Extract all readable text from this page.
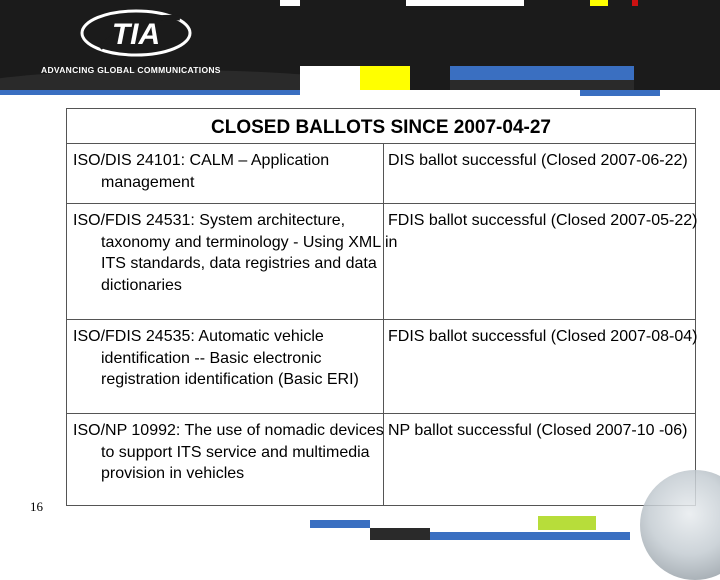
TIA
ADVANCING GLOBAL COMMUNICATIONS
CLOSED BALLOTS SINCE 2007-04-27
ISO/DIS 24101: CALM – Application management
DIS ballot successful (Closed 2007-06-22)
ISO/FDIS 24531: System architecture, taxonomy and terminology - Using XML in ITS standards, data registries and data dictionaries
FDIS ballot successful (Closed 2007-05-22)
ISO/FDIS 24535: Automatic vehicle identification -- Basic electronic registration identification (Basic ERI)
FDIS ballot successful (Closed 2007-08-04)
ISO/NP 10992: The use of nomadic devices to support ITS service and multimedia provision in vehicles
NP ballot successful (Closed 2007-10 -06)
16
